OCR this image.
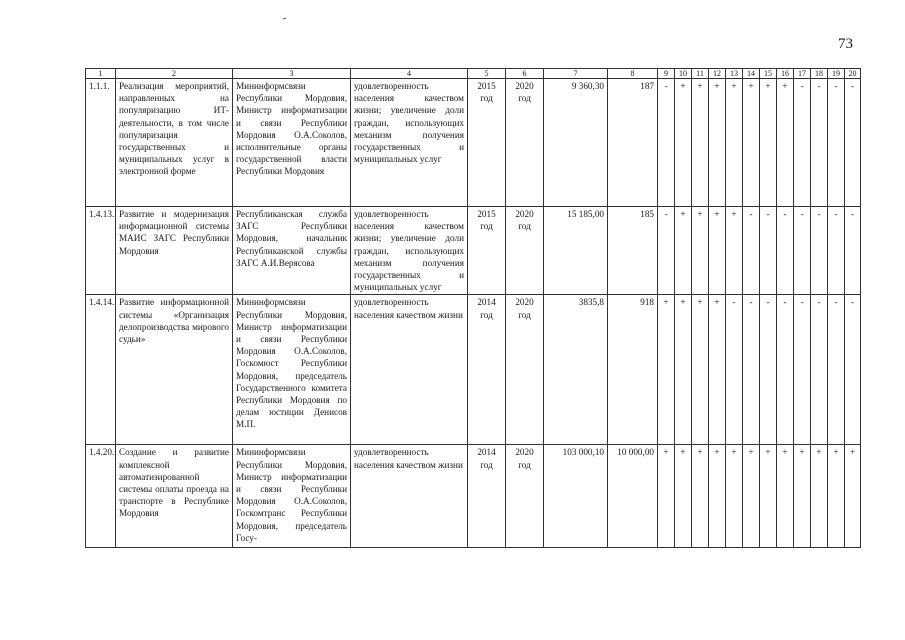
73
1	2	3	4	5	6	7	8	9	10	11	12	13	14	15	16	17	18	19	20
1.1.1.	Реализация мероприятий, направленных на популяризацию ИТ-деятельности, в том числе популяризация государственных и муниципальных услуг в электронной форме	Мининформсвязи Республики Мордовия, Министр информатизации и связи Республики Мордовия О.А.Соколов, исполнительные органы государственной власти Республики Мордовия	удовлетворенность населения качеством жизни; увеличение доли граждан, использующих механизм получения государственных и муниципальных услуг	2015 год	2020 год	9 360,30	187	-	+	+	+	+	+	+	+	-	-	-	-
1.4.13.	Развитие и модернизация информационной системы МАИС ЗАГС Республики Мордовия	Республиканская служба ЗАГС Республики Мордовия, начальник Республиканской службы ЗАГС А.И.Верясова	удовлетворенность населения качеством жизни; увеличение доли граждан, использующих механизм получения государственных и муниципальных услуг	2015 год	2020 год	15 185,00	185	-	+	+	+	+	-	-	-	-	-	-	-
1.4.14.	Развитие информационной системы «Организация делопроизводства мирового судьи»	Мининформсвязи Республики Мордовия, Министр информатизации и связи Республики Мордовия О.А.Соколов, Госкомюст Республики Мордовия, председатель Государственного комитета Республики Мордовия по делам юстиции Денисов М.П.	удовлетворенность населения качеством жизни	2014 год	2020 год	3835,8	918	+	+	+	+	-	-	-	-	-	-	-	-
1.4.20.	Создание и развитие комплексной автоматизированной системы оплаты проезда на транспорте в Республике Мордовия	Мининформсвязи Республики Мордовия, Министр информатизации и связи Республики Мордовия О.А.Соколов, Госкомтранс Республики Мордовия, председатель Госу-	удовлетворенность населения качеством жизни	2014 год	2020 год	103 000,10	10 000,00	+	+	+	+	+	+	+	+	+	+	+	+
